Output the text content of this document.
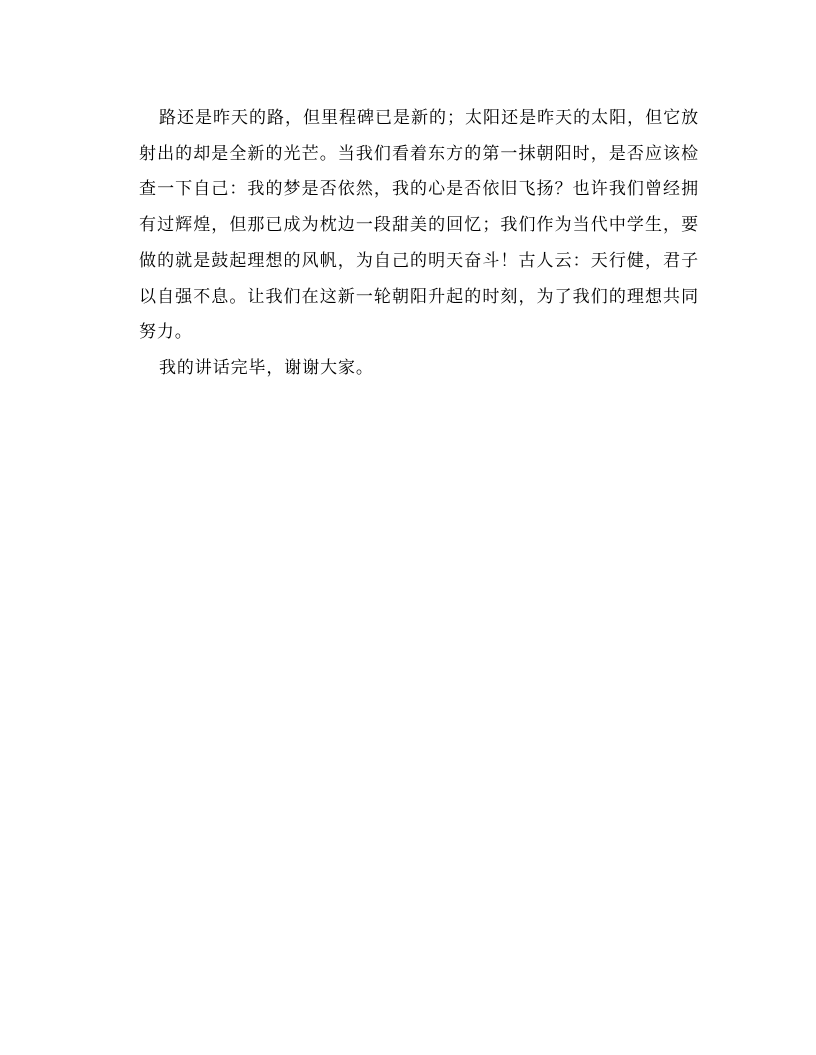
路还是昨天的路，但里程碑已是新的；太阳还是昨天的太阳，但它放射出的却是全新的光芒。当我们看着东方的第一抹朝阳时，是否应该检查一下自己：我的梦是否依然，我的心是否依旧飞扬？也许我们曾经拥有过辉煌，但那已成为枕边一段甜美的回忆；我们作为当代中学生，要做的就是鼓起理想的风帆，为自己的明天奋斗！古人云：天行健，君子以自强不息。让我们在这新一轮朝阳升起的时刻，为了我们的理想共同努力。

我的讲话完毕，谢谢大家。
